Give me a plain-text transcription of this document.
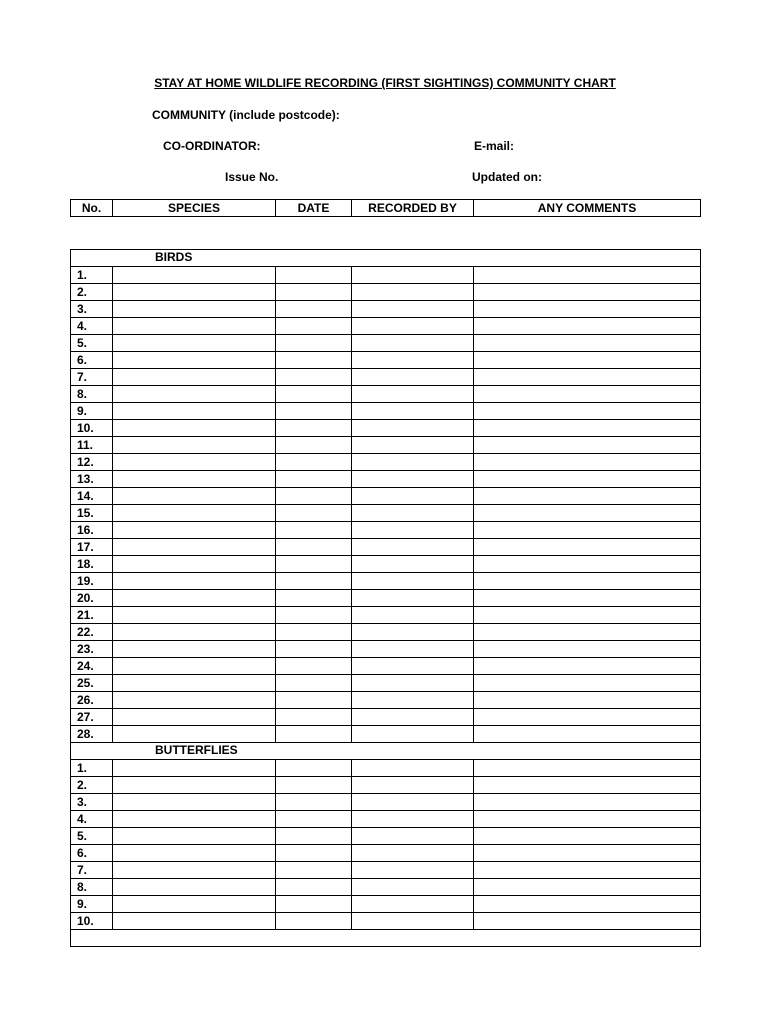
STAY AT HOME WILDLIFE RECORDING (FIRST SIGHTINGS) COMMUNITY CHART
COMMUNITY (include postcode):
CO-ORDINATOR:	E-mail:
Issue No.	Updated on:
No.	SPECIES	DATE	RECORDED BY	ANY COMMENTS
BIRDS				

1.				
2.				
3.				
4.				
5.				
6.				
7.				
8.				
9.				
10.				
11.				
12.				
13.				
14.				
15.				
16.				
17.				
18.				
19.				
20.				
21.				
22.				
23.				
24.				
25.				
26.				
27.				
28.				

BUTTERFLIES				

1.				
2.				
3.				
4.				
5.				
6.				
7.				
8.				
9.				
10.				
